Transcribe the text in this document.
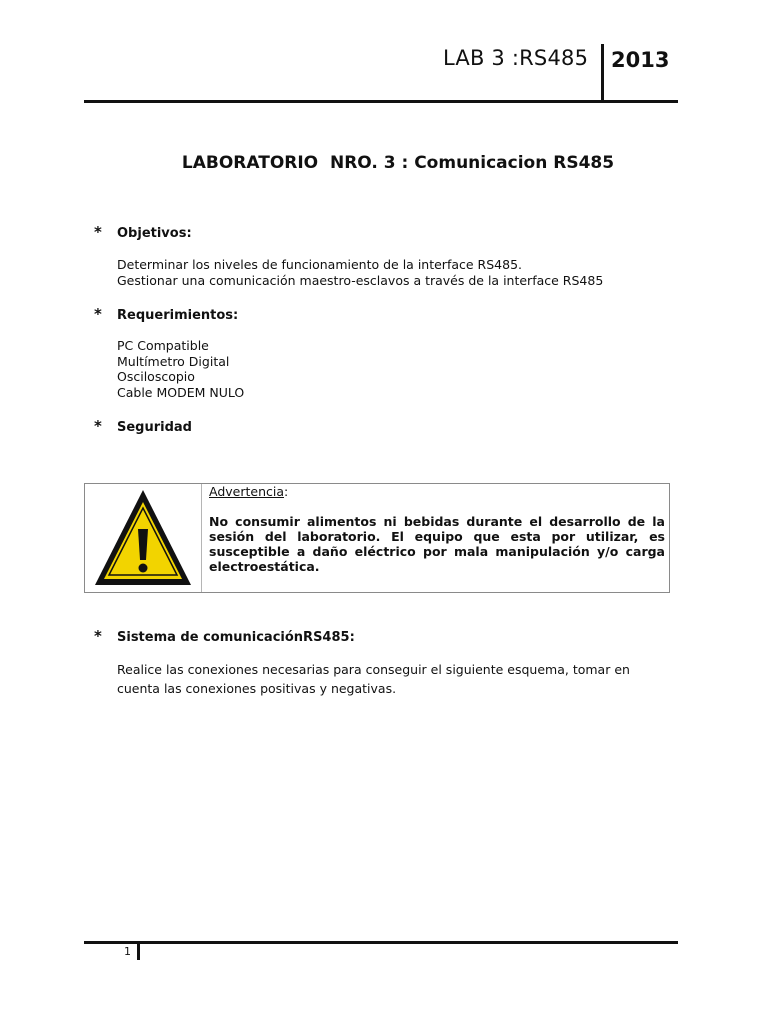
LAB 3 :RS485 2013
LABORATORIO  NRO. 3 : Comunicacion RS485
* Objetivos:
Determinar los niveles de funcionamiento de la interface RS485.
Gestionar una comunicación maestro-esclavos a través de la interface RS485
* Requerimientos:
PC Compatible
Multímetro Digital
Osciloscopio
Cable MODEM NULO
* Seguridad
Advertencia:
No consumir alimentos ni bebidas durante el desarrollo de la sesión del laboratorio. El equipo que esta por utilizar, es susceptible a daño eléctrico por mala manipulación y/o carga electroestática.
* Sistema de comunicaciónRS485:
Realice las conexiones necesarias para conseguir el siguiente esquema, tomar en
cuenta las conexiones positivas y negativas.
1
